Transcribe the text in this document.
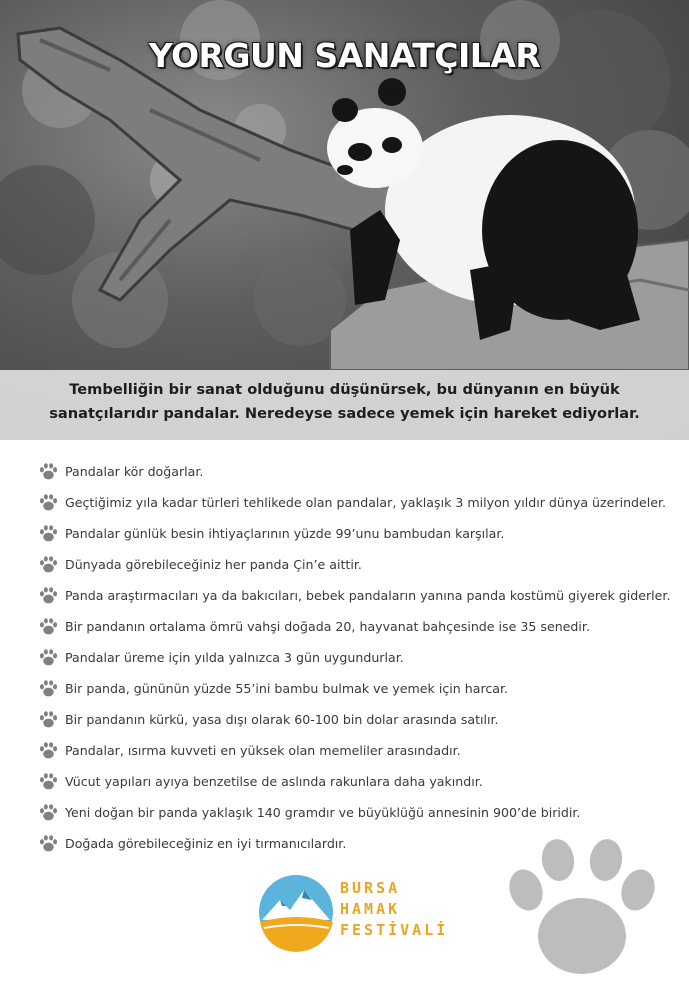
YORGUN SANATÇILAR
Tembelliğin bir sanat olduğunu düşünürsek, bu dünyanın en büyük
sanatçılarıdır pandalar. Neredeyse sadece yemek için hareket ediyorlar.
Pandalar kör doğarlar.
Geçtiğimiz yıla kadar türleri tehlikede olan pandalar, yaklaşık 3 milyon yıldır dünya üzerindeler.
Pandalar günlük besin ihtiyaçlarının yüzde 99’unu bambudan karşılar.
Dünyada görebileceğiniz her panda Çin’e aittir.
Panda araştırmacıları ya da bakıcıları, bebek pandaların yanına panda kostümü giyerek giderler.
Bir pandanın ortalama ömrü vahşi doğada 20, hayvanat bahçesinde ise 35 senedir.
Pandalar üreme için yılda yalnızca 3 gün uygundurlar.
Bir panda, gününün yüzde 55’ini bambu bulmak ve yemek için harcar.
Bir pandanın kürkü, yasa dışı olarak 60-100 bin dolar arasında satılır.
Pandalar, ısırma kuvveti en yüksek olan memeliler arasındadır.
Vücut yapıları ayıya benzetilse de aslında rakunlara daha yakındır.
Yeni doğan bir panda yaklaşık 140 gramdır ve büyüklüğü annesinin 900’de biridir.
Doğada görebileceğiniz en iyi tırmanıcılardır.
BURSA
HAMAK
FESTİVALİ
